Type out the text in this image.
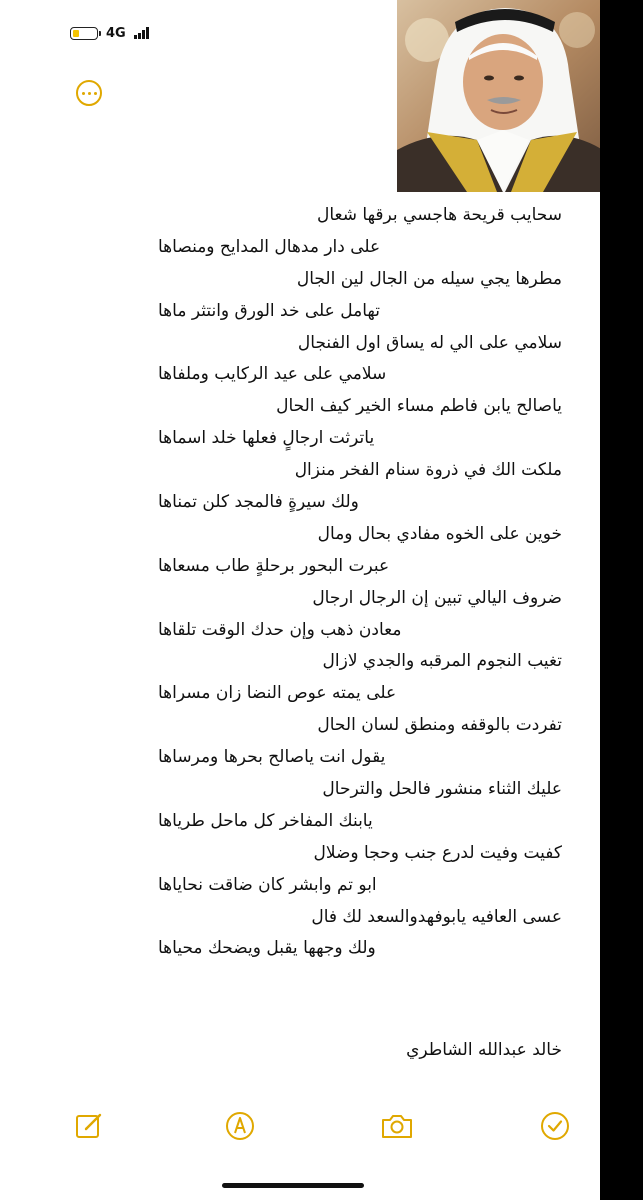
4G
سحايب قريحة هاجسي برقها شعال
على دار مدهال المدايح ومنصاها
مطرها يجي سيله من الجال لين الجال
تهامل على خد الورق وانتثر ماها
سلامي على الي له يساق اول الفنجال
سلامي على عيد الركايب وملفاها
ياصالح يابن فاطم مساء الخير كيف الحال
ياترثت ارجالٍ فعلها خلد اسماها
ملكت الك في ذروة سنام الفخر منزال
ولك سيرةٍ فالمجد كلن تمناها
خوين على الخوه مفادي بحال ومال
عبرت البحور برحلةٍ طاب مسعاها
ضروف اليالي تبين إن الرجال ارجال
معادن ذهب وإن حدك الوقت تلقاها
تغيب النجوم المرقبه والجدي لازال
على يمته عوص النضا زان مسراها
تفردت بالوقفه ومنطق لسان الحال
يقول انت ياصالح بحرها ومرساها
عليك الثناء منشور فالحل والترحال
يابنك المفاخر كل ماحل طرياها
كفيت وفيت لدرع جنب وحجا وضلال
ابو تم وابشر كان ضاقت نحاياها
عسى العافيه يابوفهدوالسعد لك فال
ولك وجهها يقبل ويضحك محياها
خالد عبدالله الشاطري
